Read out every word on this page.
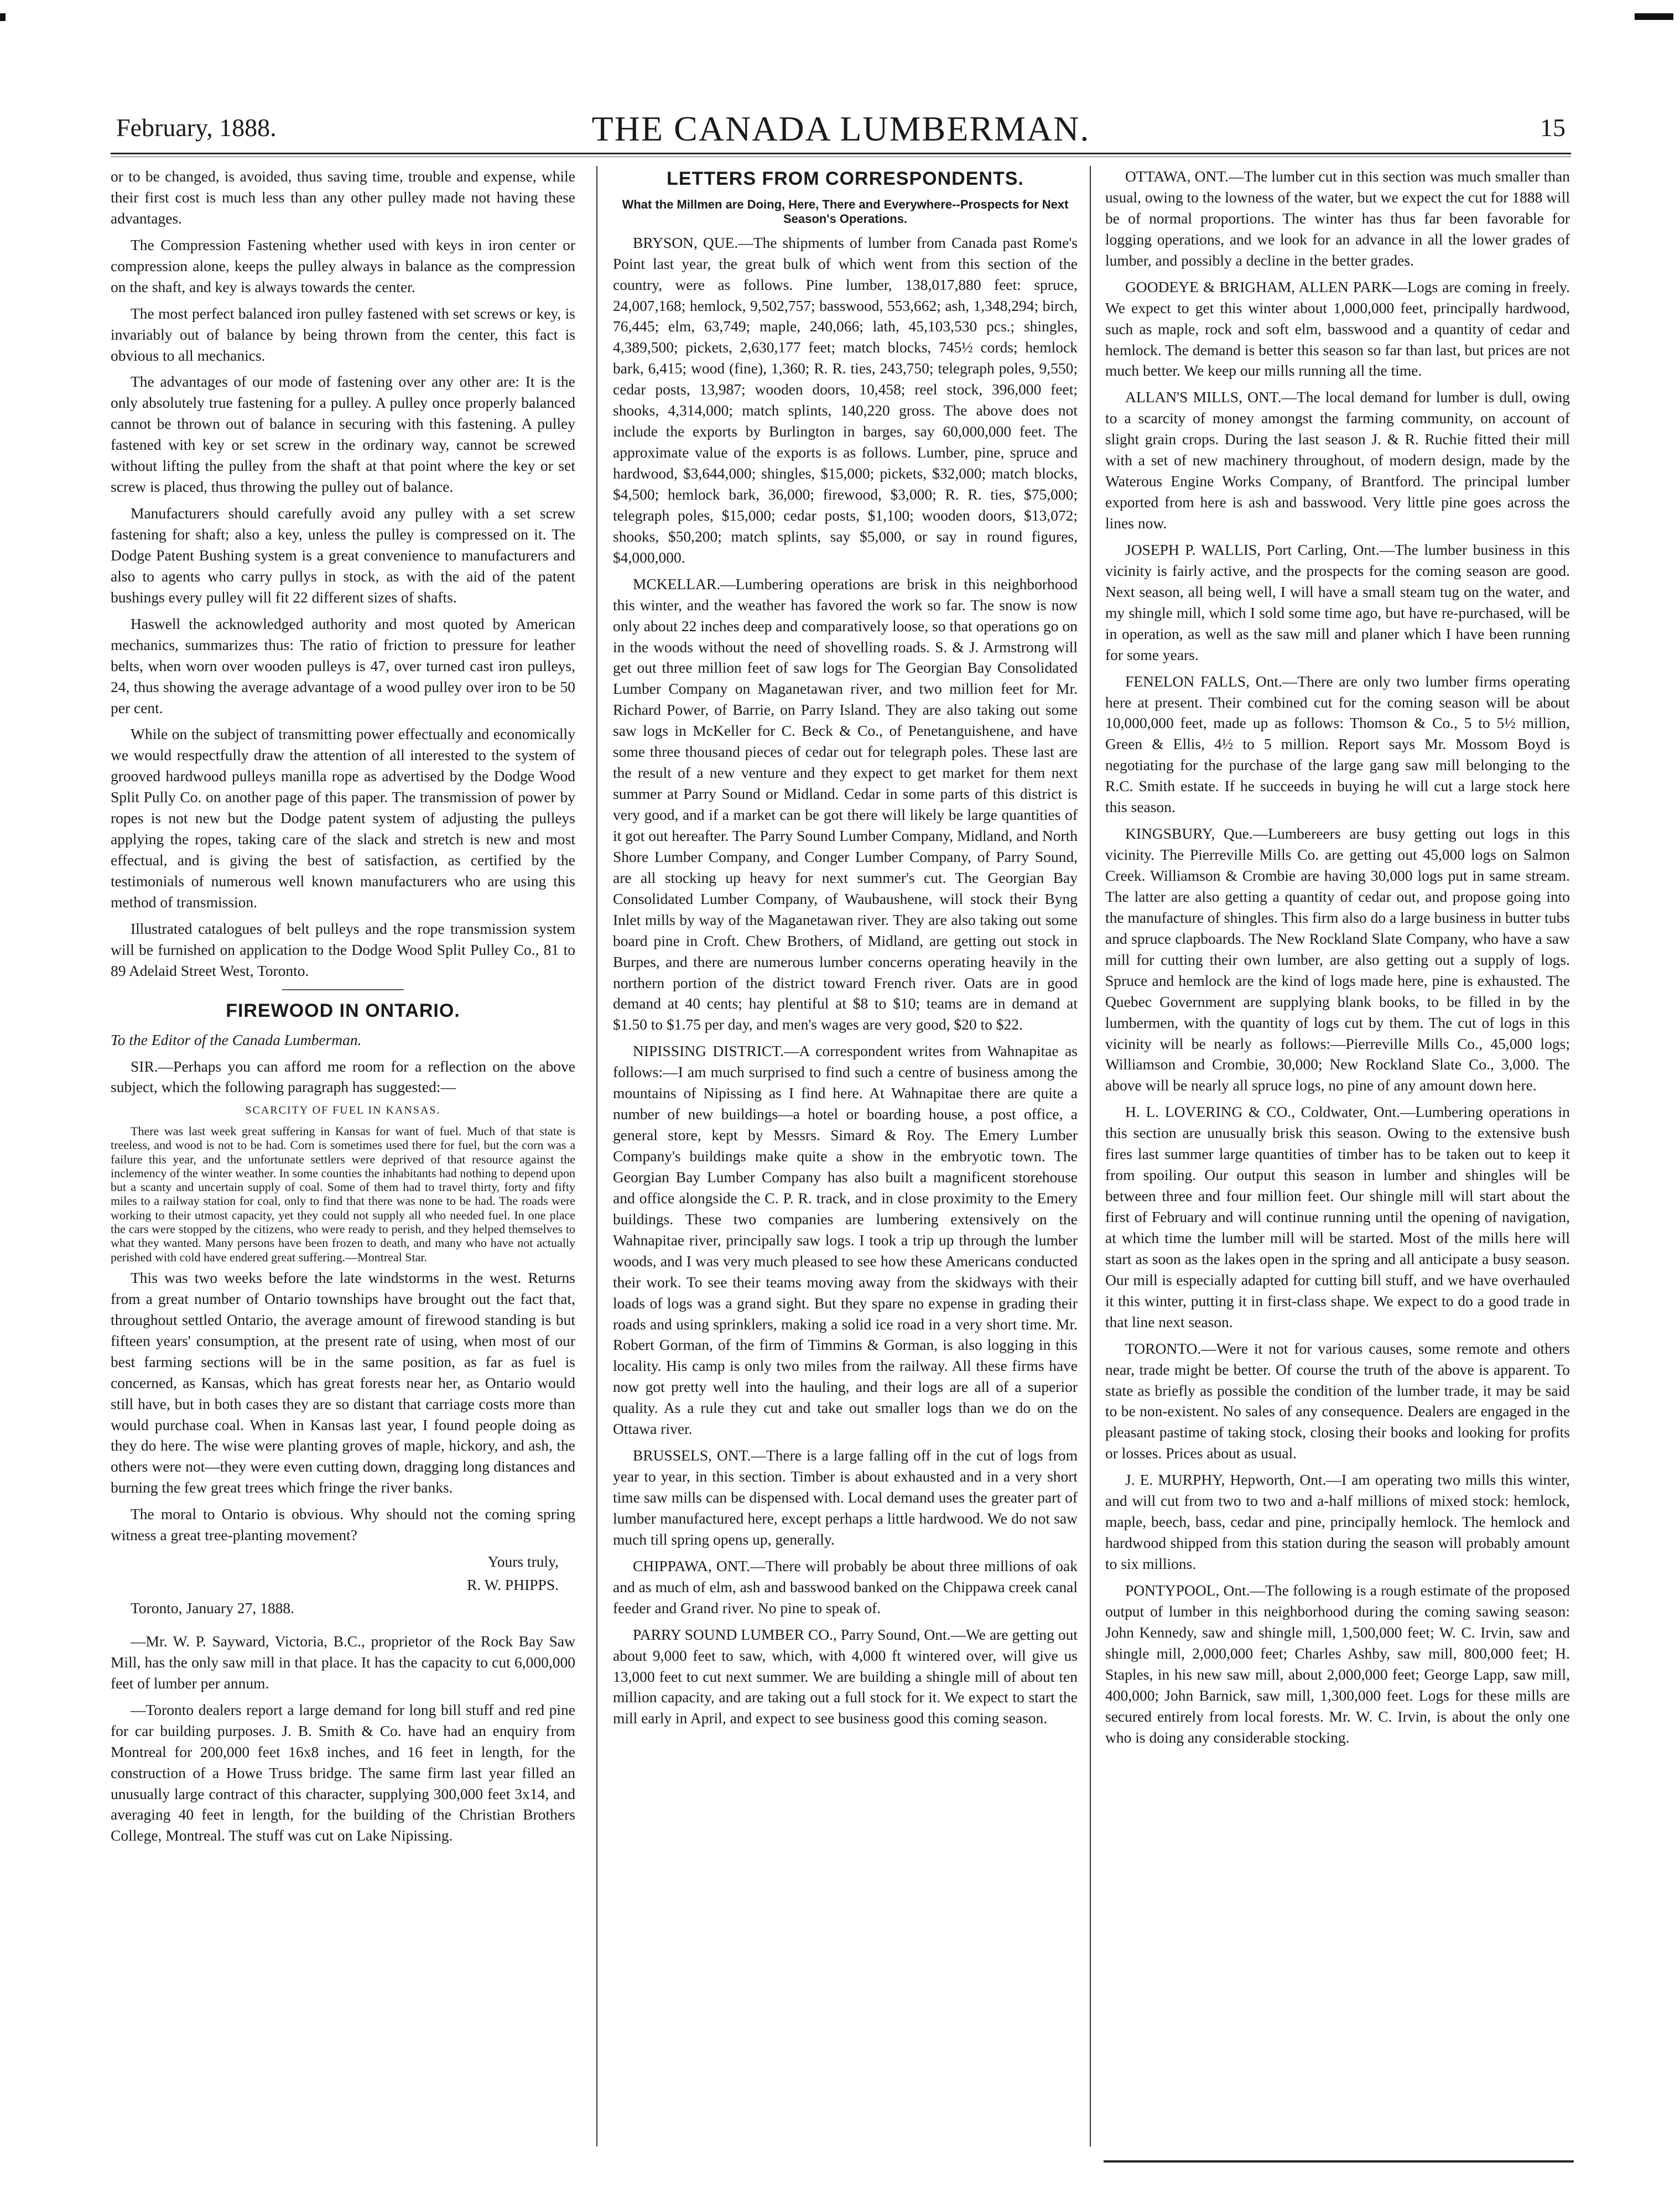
February, 1888.	THE CANADA LUMBERMAN.	15

or to be changed, is avoided, thus saving time, trouble and expense, while their first cost is much less than any other pulley made not having these advantages.

The Compression Fastening whether used with keys in iron center or compression alone, keeps the pulley always in balance as the compression on the shaft, and key is always towards the center.

The most perfect balanced iron pulley fastened with set screws or key, is invariably out of balance by being thrown from the center, this fact is obvious to all mechanics.

The advantages of our mode of fastening over any other are: It is the only absolutely true fastening for a pulley. A pulley once properly balanced cannot be thrown out of balance in securing with this fastening. A pulley fastened with key or set screw in the ordinary way, cannot be screwed without lifting the pulley from the shaft at that point where the key or set screw is placed, thus throwing the pulley out of balance.

Manufacturers should carefully avoid any pulley with a set screw fastening for shaft; also a key, unless the pulley is compressed on it. The Dodge Patent Bushing system is a great convenience to manufacturers and also to agents who carry pullys in stock, as with the aid of the patent bushings every pulley will fit 22 different sizes of shafts.

Haswell the acknowledged authority and most quoted by American mechanics, summarizes thus: The ratio of friction to pressure for leather belts, when worn over wooden pulleys is 47, over turned cast iron pulleys, 24, thus showing the average advantage of a wood pulley over iron to be 50 per cent.

While on the subject of transmitting power effectually and economically we would respectfully draw the attention of all interested to the system of grooved hardwood pulleys manilla rope as advertised by the Dodge Wood Split Pully Co. on another page of this paper. The transmission of power by ropes is not new but the Dodge patent system of adjusting the pulleys applying the ropes, taking care of the slack and stretch is new and most effectual, and is giving the best of satisfaction, as certified by the testimonials of numerous well known manufacturers who are using this method of transmission.

Illustrated catalogues of belt pulleys and the rope transmission system will be furnished on application to the Dodge Wood Split Pulley Co., 81 to 89 Adelaid Street West, Toronto.

FIREWOOD IN ONTARIO.

To the Editor of the Canada Lumberman.

SIR.—Perhaps you can afford me room for a reflection on the above subject, which the following paragraph has suggested:—

SCARCITY OF FUEL IN KANSAS.

There was last week great suffering in Kansas for want of fuel. Much of that state is treeless, and wood is not to be had. Corn is sometimes used there for fuel, but the corn was a failure this year, and the unfortunate settlers were deprived of that resource against the inclemency of the winter weather. In some counties the inhabitants had nothing to depend upon but a scanty and uncertain supply of coal. Some of them had to travel thirty, forty and fifty miles to a railway station for coal, only to find that there was none to be had. The roads were working to their utmost capacity, yet they could not supply all who needed fuel. In one place the cars were stopped by the citizens, who were ready to perish, and they helped themselves to what they wanted. Many persons have been frozen to death, and many who have not actually perished with cold have endered great suffering.—Montreal Star.

This was two weeks before the late windstorms in the west. Returns from a great number of Ontario townships have brought out the fact that, throughout settled Ontario, the average amount of firewood standing is but fifteen years' consumption, at the present rate of using, when most of our best farming sections will be in the same position, as far as fuel is concerned, as Kansas, which has great forests near her, as Ontario would still have, but in both cases they are so distant that carriage costs more than would purchase coal. When in Kansas last year, I found people doing as they do here. The wise were planting groves of maple, hickory, and ash, the others were not—they were even cutting down, dragging long distances and burning the few great trees which fringe the river banks.

The moral to Ontario is obvious. Why should not the coming spring witness a great tree-planting movement?

Yours truly,

R. W. PHIPPS.

Toronto, January 27, 1888.

—Mr. W. P. Sayward, Victoria, B.C., proprietor of the Rock Bay Saw Mill, has the only saw mill in that place. It has the capacity to cut 6,000,000 feet of lumber per annum.

—Toronto dealers report a large demand for long bill stuff and red pine for car building purposes. J. B. Smith & Co. have had an enquiry from Montreal for 200,000 feet 16x8 inches, and 16 feet in length, for the construction of a Howe Truss bridge. The same firm last year filled an unusually large contract of this character, supplying 300,000 feet 3x14, and averaging 40 feet in length, for the building of the Christian Brothers College, Montreal. The stuff was cut on Lake Nipissing.

LETTERS FROM CORRESPONDENTS.

What the Millmen are Doing, Here, There and Everywhere--Prospects for Next Season's Operations.

BRYSON, QUE.—The shipments of lumber from Canada past Rome's Point last year, the great bulk of which went from this section of the country, were as follows. Pine lumber, 138,017,880 feet: spruce, 24,007,168; hemlock, 9,502,757; basswood, 553,662; ash, 1,348,294; birch, 76,445; elm, 63,749; maple, 240,066; lath, 45,103,530 pcs.; shingles, 4,389,500; pickets, 2,630,177 feet; match blocks, 745½ cords; hemlock bark, 6,415; wood (fine), 1,360; R. R. ties, 243,750; telegraph poles, 9,550; cedar posts, 13,987; wooden doors, 10,458; reel stock, 396,000 feet; shooks, 4,314,000; match splints, 140,220 gross. The above does not include the exports by Burlington in barges, say 60,000,000 feet. The approximate value of the exports is as follows. Lumber, pine, spruce and hardwood, $3,644,000; shingles, $15,000; pickets, $32,000; match blocks, $4,500; hemlock bark, 36,000; firewood, $3,000; R. R. ties, $75,000; telegraph poles, $15,000; cedar posts, $1,100; wooden doors, $13,072; shooks, $50,200; match splints, say $5,000, or say in round figures, $4,000,000.

MCKELLAR.—Lumbering operations are brisk in this neighborhood this winter, and the weather has favored the work so far. The snow is now only about 22 inches deep and comparatively loose, so that operations go on in the woods without the need of shovelling roads. S. & J. Armstrong will get out three million feet of saw logs for The Georgian Bay Consolidated Lumber Company on Maganetawan river, and two million feet for Mr. Richard Power, of Barrie, on Parry Island. They are also taking out some saw logs in McKeller for C. Beck & Co., of Penetanguishene, and have some three thousand pieces of cedar out for telegraph poles. These last are the result of a new venture and they expect to get market for them next summer at Parry Sound or Midland. Cedar in some parts of this district is very good, and if a market can be got there will likely be large quantities of it got out hereafter. The Parry Sound Lumber Company, Midland, and North Shore Lumber Company, and Conger Lumber Company, of Parry Sound, are all stocking up heavy for next summer's cut. The Georgian Bay Consolidated Lumber Company, of Waubaushene, will stock their Byng Inlet mills by way of the Maganetawan river. They are also taking out some board pine in Croft. Chew Brothers, of Midland, are getting out stock in Burpes, and there are numerous lumber concerns operating heavily in the northern portion of the district toward French river. Oats are in good demand at 40 cents; hay plentiful at $8 to $10; teams are in demand at $1.50 to $1.75 per day, and men's wages are very good, $20 to $22.

NIPISSING DISTRICT.—A correspondent writes from Wahnapitae as follows:—I am much surprised to find such a centre of business among the mountains of Nipissing as I find here. At Wahnapitae there are quite a number of new buildings—a hotel or boarding house, a post office, a general store, kept by Messrs. Simard & Roy. The Emery Lumber Company's buildings make quite a show in the embryotic town. The Georgian Bay Lumber Company has also built a magnificent storehouse and office alongside the C. P. R. track, and in close proximity to the Emery buildings. These two companies are lumbering extensively on the Wahnapitae river, principally saw logs. I took a trip up through the lumber woods, and I was very much pleased to see how these Americans conducted their work. To see their teams moving away from the skidways with their loads of logs was a grand sight. But they spare no expense in grading their roads and using sprinklers, making a solid ice road in a very short time. Mr. Robert Gorman, of the firm of Timmins & Gorman, is also logging in this locality. His camp is only two miles from the railway. All these firms have now got pretty well into the hauling, and their logs are all of a superior quality. As a rule they cut and take out smaller logs than we do on the Ottawa river.

BRUSSELS, ONT.—There is a large falling off in the cut of logs from year to year, in this section. Timber is about exhausted and in a very short time saw mills can be dispensed with. Local demand uses the greater part of lumber manufactured here, except perhaps a little hardwood. We do not saw much till spring opens up, generally.

CHIPPAWA, ONT.—There will probably be about three millions of oak and as much of elm, ash and basswood banked on the Chippawa creek canal feeder and Grand river. No pine to speak of.

PARRY SOUND LUMBER CO., Parry Sound, Ont.—We are getting out about 9,000 feet to saw, which, with 4,000 ft wintered over, will give us 13,000 feet to cut next summer. We are building a shingle mill of about ten million capacity, and are taking out a full stock for it. We expect to start the mill early in April, and expect to see business good this coming season.

OTTAWA, ONT.—The lumber cut in this section was much smaller than usual, owing to the lowness of the water, but we expect the cut for 1888 will be of normal proportions. The winter has thus far been favorable for logging operations, and we look for an advance in all the lower grades of lumber, and possibly a decline in the better grades.

GOODEYE & BRIGHAM, ALLEN PARK—Logs are coming in freely. We expect to get this winter about 1,000,000 feet, principally hardwood, such as maple, rock and soft elm, basswood and a quantity of cedar and hemlock. The demand is better this season so far than last, but prices are not much better. We keep our mills running all the time.

ALLAN'S MILLS, ONT.—The local demand for lumber is dull, owing to a scarcity of money amongst the farming community, on account of slight grain crops. During the last season J. & R. Ruchie fitted their mill with a set of new machinery throughout, of modern design, made by the Waterous Engine Works Company, of Brantford. The principal lumber exported from here is ash and basswood. Very little pine goes across the lines now.

JOSEPH P. WALLIS, Port Carling, Ont.—The lumber business in this vicinity is fairly active, and the prospects for the coming season are good. Next season, all being well, I will have a small steam tug on the water, and my shingle mill, which I sold some time ago, but have re-purchased, will be in operation, as well as the saw mill and planer which I have been running for some years.

FENELON FALLS, Ont.—There are only two lumber firms operating here at present. Their combined cut for the coming season will be about 10,000,000 feet, made up as follows: Thomson & Co., 5 to 5½ million, Green & Ellis, 4½ to 5 million. Report says Mr. Mossom Boyd is negotiating for the purchase of the large gang saw mill belonging to the R.C. Smith estate. If he succeeds in buying he will cut a large stock here this season.

KINGSBURY, Que.—Lumbereers are busy getting out logs in this vicinity. The Pierreville Mills Co. are getting out 45,000 logs on Salmon Creek. Williamson & Crombie are having 30,000 logs put in same stream. The latter are also getting a quantity of cedar out, and propose going into the manufacture of shingles. This firm also do a large business in butter tubs and spruce clapboards. The New Rockland Slate Company, who have a saw mill for cutting their own lumber, are also getting out a supply of logs. Spruce and hemlock are the kind of logs made here, pine is exhausted. The Quebec Government are supplying blank books, to be filled in by the lumbermen, with the quantity of logs cut by them. The cut of logs in this vicinity will be nearly as follows:—Pierreville Mills Co., 45,000 logs; Williamson and Crombie, 30,000; New Rockland Slate Co., 3,000. The above will be nearly all spruce logs, no pine of any amount down here.

H. L. LOVERING & CO., Coldwater, Ont.—Lumbering operations in this section are unusually brisk this season. Owing to the extensive bush fires last summer large quantities of timber has to be taken out to keep it from spoiling. Our output this season in lumber and shingles will be between three and four million feet. Our shingle mill will start about the first of February and will continue running until the opening of navigation, at which time the lumber mill will be started. Most of the mills here will start as soon as the lakes open in the spring and all anticipate a busy season. Our mill is especially adapted for cutting bill stuff, and we have overhauled it this winter, putting it in first-class shape. We expect to do a good trade in that line next season.

TORONTO.—Were it not for various causes, some remote and others near, trade might be better. Of course the truth of the above is apparent. To state as briefly as possible the condition of the lumber trade, it may be said to be non-existent. No sales of any consequence. Dealers are engaged in the pleasant pastime of taking stock, closing their books and looking for profits or losses. Prices about as usual.

J. E. MURPHY, Hepworth, Ont.—I am operating two mills this winter, and will cut from two to two and a-half millions of mixed stock: hemlock, maple, beech, bass, cedar and pine, principally hemlock. The hemlock and hardwood shipped from this station during the season will probably amount to six millions.

PONTYPOOL, Ont.—The following is a rough estimate of the proposed output of lumber in this neighborhood during the coming sawing season: John Kennedy, saw and shingle mill, 1,500,000 feet; W. C. Irvin, saw and shingle mill, 2,000,000 feet; Charles Ashby, saw mill, 800,000 feet; H. Staples, in his new saw mill, about 2,000,000 feet; George Lapp, saw mill, 400,000; John Barnick, saw mill, 1,300,000 feet. Logs for these mills are secured entirely from local forests. Mr. W. C. Irvin, is about the only one who is doing any considerable stocking.
